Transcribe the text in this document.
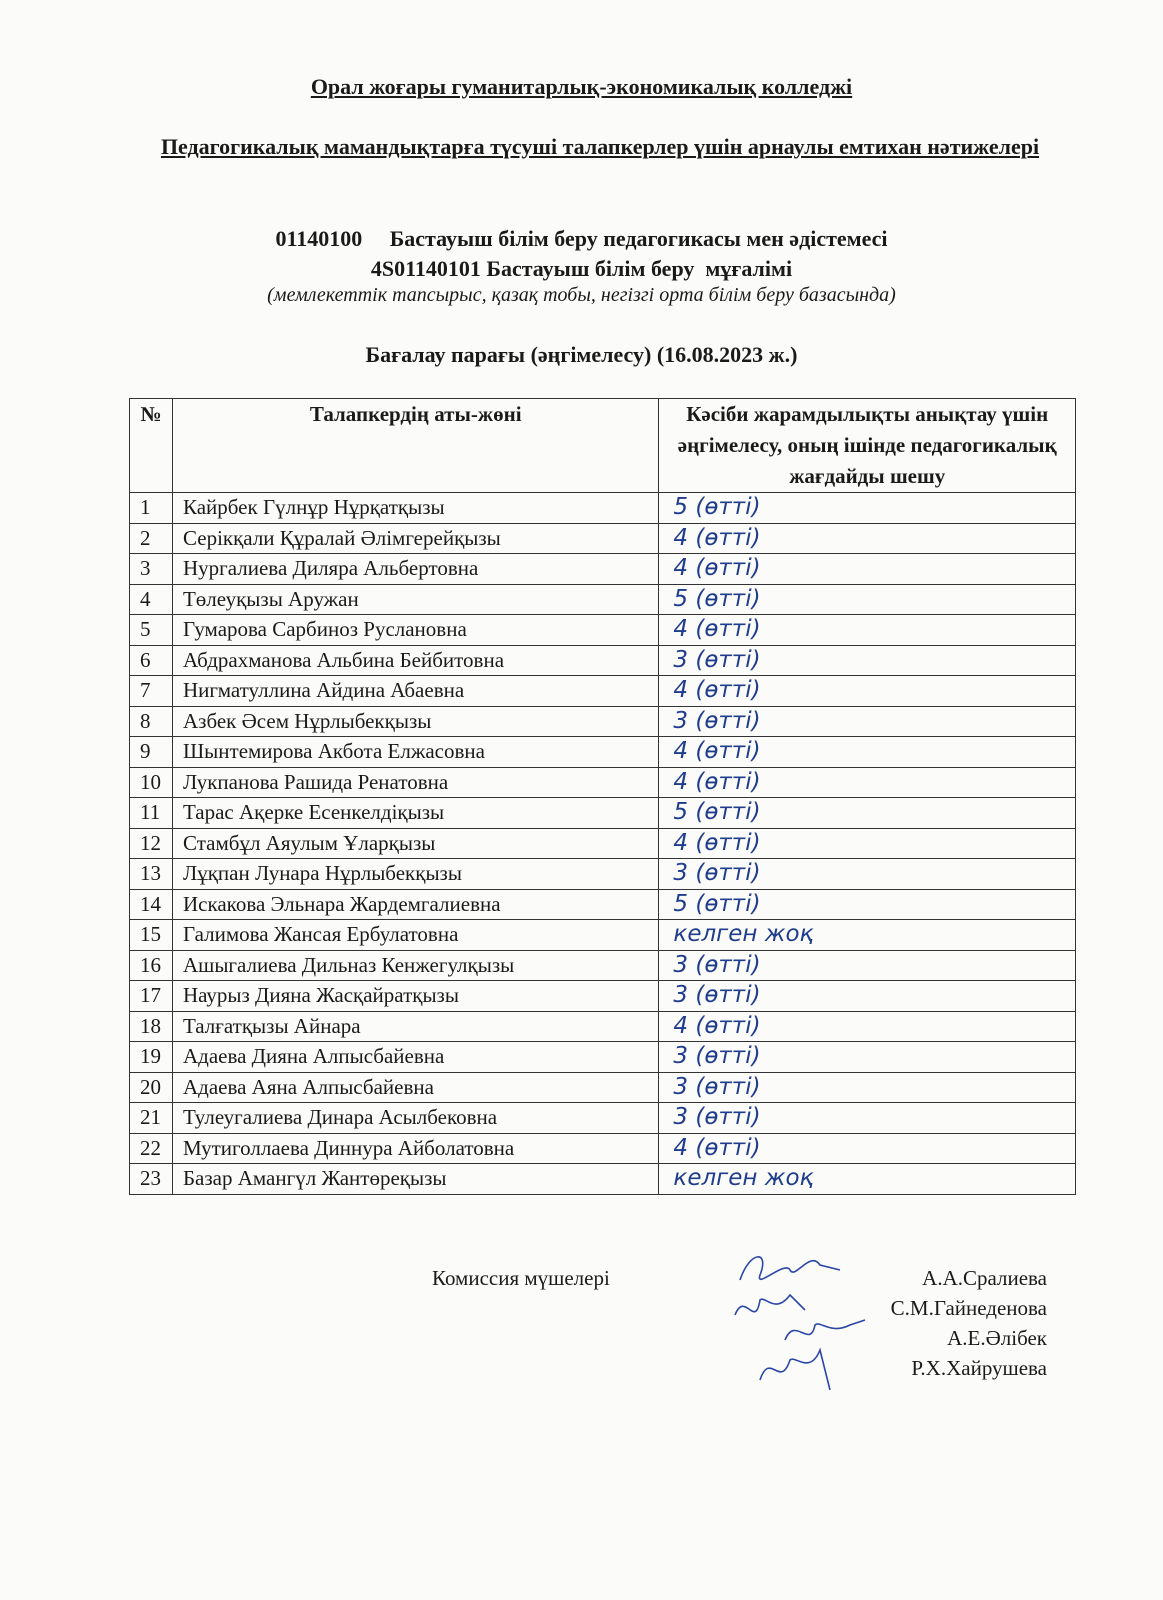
Орал жоғары гуманитарлық-экономикалық колледжі
Педагогикалық мамандықтарға түсуші талапкерлер үшін арнаулы емтихан нәтижелері
01140100     Бастауыш білім беру педагогикасы мен әдістемесі
4S01140101 Бастауыш білім беру  мұғалімі
(мемлекеттік тапсырыс, қазақ тобы, негізгі орта білім беру базасында)
Бағалау парағы (әңгімелесу) (16.08.2023 ж.)
№	Талапкердің аты-жөні	Кәсіби жарамдылықты анықтау үшін әңгімелесу, оның ішінде педагогикалық жағдайды шешу
1	Кайрбек Гүлнұр Нұрқатқызы	5 (өтті)
2	Серікқали Құралай Әлімгерейқызы	4 (өтті)
3	Нургалиева Диляра Альбертовна	4 (өтті)
4	Төлеуқызы Аружан	5 (өтті)
5	Гумарова Сарбиноз Руслановна	4 (өтті)
6	Абдрахманова Альбина Бейбитовна	3 (өтті)
7	Нигматуллина Айдина Абаевна	4 (өтті)
8	Азбек Әсем Нұрлыбекқызы	3 (өтті)
9	Шынтемирова Акбота Елжасовна	4 (өтті)
10	Лукпанова Рашида Ренатовна	4 (өтті)
11	Тарас Ақерке Есенкелдіқызы	5 (өтті)
12	Стамбұл Аяулым Ұларқызы	4 (өтті)
13	Лұқпан Лунара Нұрлыбекқызы	3 (өтті)
14	Искакова Эльнара Жардемгалиевна	5 (өтті)
15	Галимова Жансая Ербулатовна	келген жоқ
16	Ашыгалиева Дильназ Кенжегулқызы	3 (өтті)
17	Наурыз Дияна Жасқайратқызы	3 (өтті)
18	Талғатқызы Айнара	4 (өтті)
19	Адаева Дияна Алпысбайевна	3 (өтті)
20	Адаева Аяна Алпысбайевна	3 (өтті)
21	Тулеугалиева Динара Асылбековна	3 (өтті)
22	Мутиголлаева Диннура Айболатовна	4 (өтті)
23	Базар Амангүл Жантөреқызы	келген жоқ
Комиссия мүшелері	А.А.Сралиева
С.М.Гайнеденова
А.Е.Әлібек
Р.Х.Хайрушева
